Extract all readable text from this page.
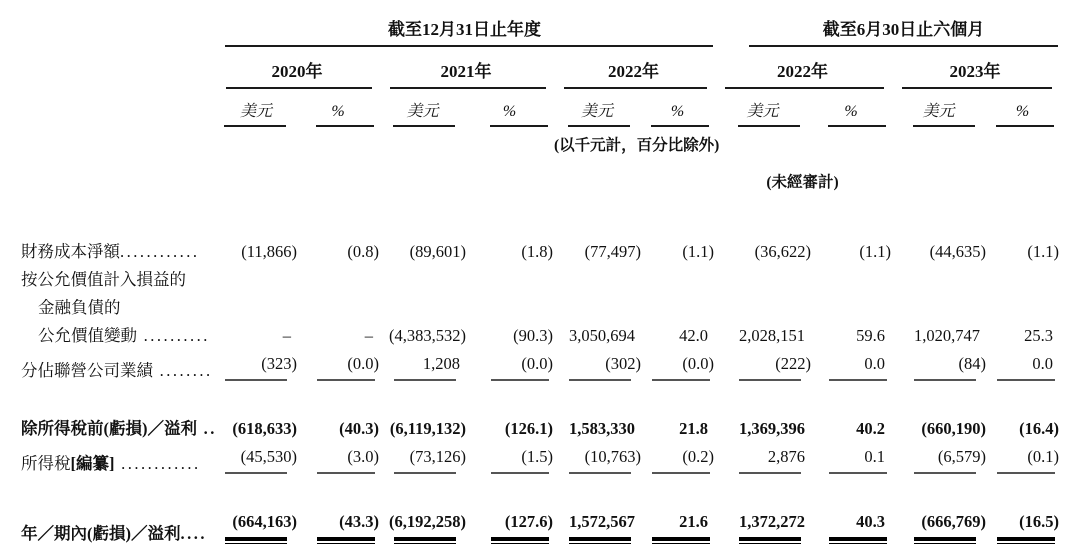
	截至12月31日止年度						截至6月30日止六個月			

	2020年		2021年		2022年		2022年		2023年	

	美元	%	美元	%	美元	%	美元	%	美元	%

					(以千元計，百分比除外)					
							(未經審計)			

財務成本淨額............	(11,866)	(0.8)	(89,601)	(1.8)	(77,497)	(1.1)	(36,622)	(1.1)	(44,635)	(1.1)
按公允價值計入損益的										
金融負債的										
公允價值變動 ..........	–	–	(4,383,532)	(90.3)	3,050,694	42.0	2,028,151	59.6	1,020,747	25.3
分佔聯營公司業績 ........	(323)	(0.0)	1,208	(0.0)	(302)	(0.0)	(222)	0.0	(84)	0.0

除所得稅前(虧損)／溢利 ..	(618,633)	(40.3)	(6,119,132)	(126.1)	1,583,330	21.8	1,369,396	40.2	(660,190)	(16.4)
所得稅[編纂] ............	(45,530)	(3.0)	(73,126)	(1.5)	(10,763)	(0.2)	2,876	0.1	(6,579)	(0.1)

年／期內(虧損)／溢利....	(664,163)	(43.3)	(6,192,258)	(127.6)	1,572,567	21.6	1,372,272	40.3	(666,769)	(16.5)
